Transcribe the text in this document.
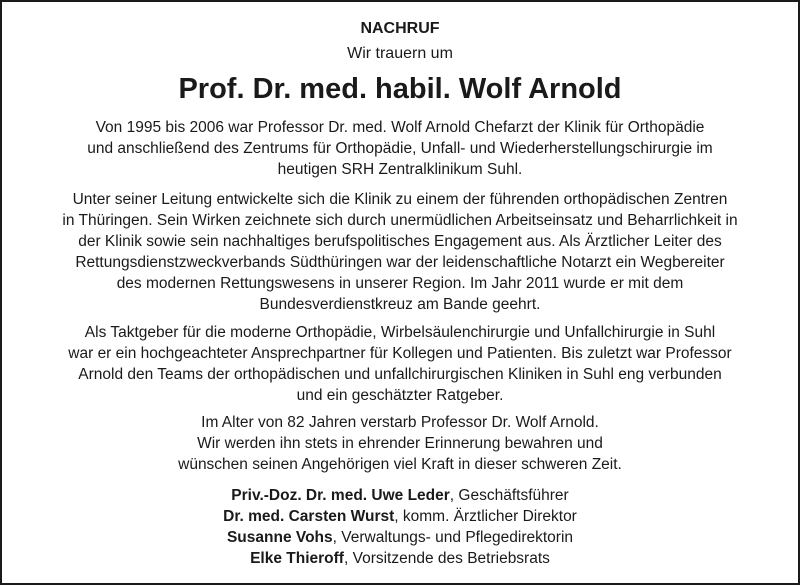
NACHRUF
Wir trauern um
Prof. Dr. med. habil. Wolf Arnold
Von 1995 bis 2006 war Professor Dr. med. Wolf Arnold Chefarzt der Klinik für Orthopädie
und anschließend des Zentrums für Orthopädie, Unfall- und Wiederherstellungschirurgie im
heutigen SRH Zentralklinikum Suhl.
Unter seiner Leitung entwickelte sich die Klinik zu einem der führenden orthopädischen Zentren
in Thüringen. Sein Wirken zeichnete sich durch unermüdlichen Arbeitseinsatz und Beharrlichkeit in
der Klinik sowie sein nachhaltiges berufspolitisches Engagement aus. Als Ärztlicher Leiter des
Rettungsdienstzweckverbands Südthüringen war der leidenschaftliche Notarzt ein Wegbereiter
des modernen Rettungswesens in unserer Region. Im Jahr 2011 wurde er mit dem
Bundesverdienstkreuz am Bande geehrt.
Als Taktgeber für die moderne Orthopädie, Wirbelsäulenchirurgie und Unfallchirurgie in Suhl
war er ein hochgeachteter Ansprechpartner für Kollegen und Patienten. Bis zuletzt war Professor
Arnold den Teams der orthopädischen und unfallchirurgischen Kliniken in Suhl eng verbunden
und ein geschätzter Ratgeber.
Im Alter von 82 Jahren verstarb Professor Dr. Wolf Arnold.
Wir werden ihn stets in ehrender Erinnerung bewahren und
wünschen seinen Angehörigen viel Kraft in dieser schweren Zeit.
Priv.-Doz. Dr. med. Uwe Leder, Geschäftsführer
Dr. med. Carsten Wurst, komm. Ärztlicher Direktor
Susanne Vohs, Verwaltungs- und Pflegedirektorin
Elke Thieroff, Vorsitzende des Betriebsrats
